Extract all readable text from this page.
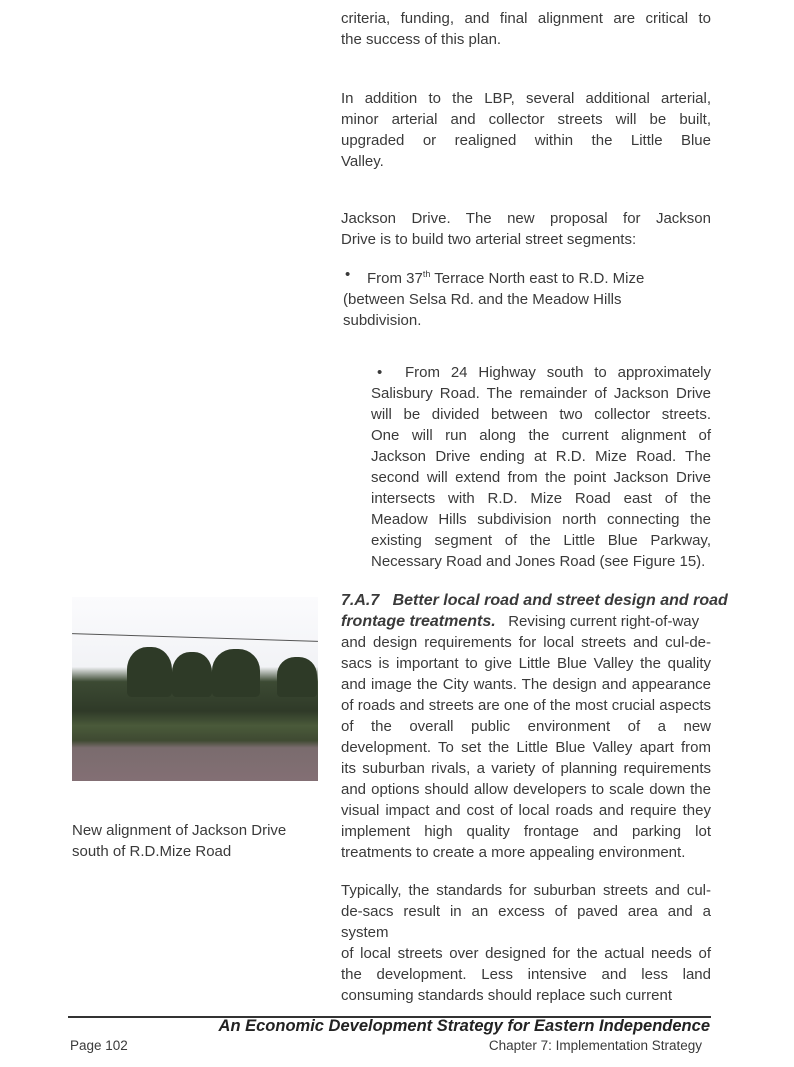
criteria, funding, and final alignment are critical to
the success of this plan.
In addition to the LBP, several additional arterial,
minor arterial and collector streets will be built,
upgraded or realigned within the Little Blue
Valley.
Jackson Drive. The new proposal for Jackson
Drive is to build two arterial street segments:
• From 37th Terrace North east to R.D. Mize
(between Selsa Rd. and the Meadow Hills
subdivision.
• From 24 Highway south to approximately
Salisbury Road. The remainder of Jackson Drive
will be divided between two collector streets.
One will run along the current alignment of
Jackson Drive ending at R.D. Mize Road. The
second will extend from the point Jackson Drive
intersects with R.D. Mize Road east of the
Meadow Hills subdivision north connecting the
existing segment of the Little Blue Parkway,
Necessary Road and Jones Road (see Figure 15).
7.A.7 Better local road and street design and road
frontage treatments. Revising current right-of-way
and design requirements for local streets and cul-de-
sacs is important to give Little Blue Valley the quality
and image the City wants. The design and appearance
of roads and streets are one of the most crucial aspects
of the overall public environment of a new
development. To set the Little Blue Valley apart from
its suburban rivals, a variety of planning requirements
and options should allow developers to scale down the
visual impact and cost of local roads and require they
implement high quality frontage and parking lot
treatments to create a more appealing environment.
Typically, the standards for suburban streets and cul-
de-sacs result in an excess of paved area and a system
of local streets over designed for the actual needs of
the development. Less intensive and less land
consuming standards should replace such current
New alignment of Jackson Drive
south of R.D.Mize Road
An Economic Development Strategy for Eastern Independence
Page 102	Chapter 7: Implementation Strategy
